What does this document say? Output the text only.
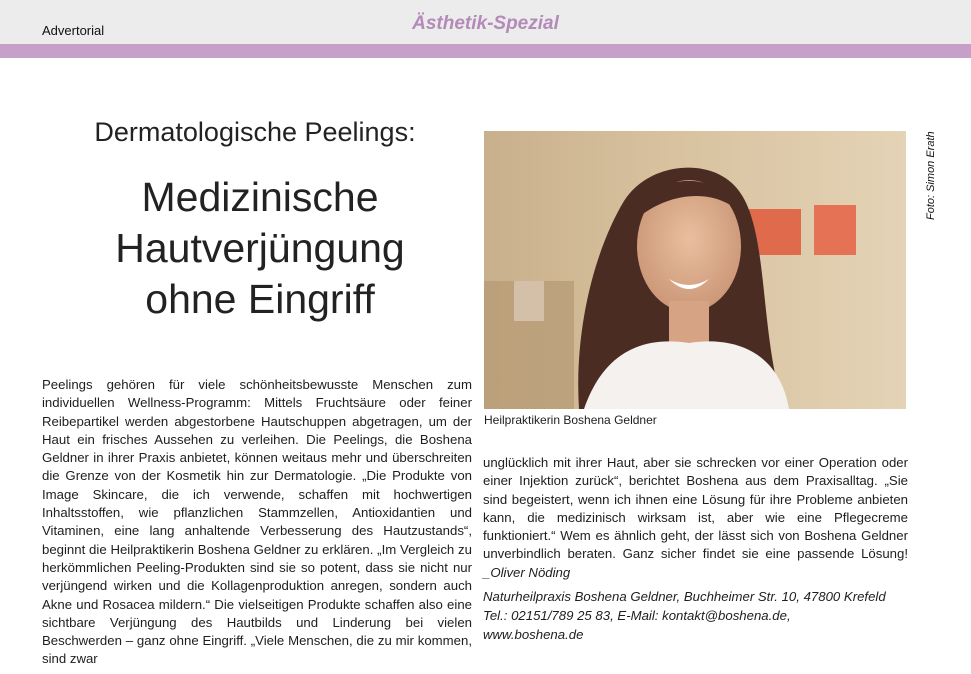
Advertorial	Ästhetik-Spezial
Dermatologische Peelings:
Medizinische
Hautverjüngung
ohne Eingriff
Peelings gehören für viele schönheitsbewusste Menschen zum individuellen Wellness-Programm: Mittels Fruchtsäure oder feiner Reibepartikel werden abgestorbene Hautschuppen abgetragen, um der Haut ein frisches Aussehen zu verleihen. Die Peelings, die Boshena Geldner in ihrer Praxis anbietet, können weitaus mehr und überschreiten die Grenze von der Kosmetik hin zur Dermatologie. „Die Produkte von Image Skincare, die ich verwende, schaffen mit hochwertigen Inhaltsstoffen, wie pflanzlichen Stammzellen, Antioxidantien und Vitaminen, eine lang anhaltende Verbesserung des Hautzustands“, beginnt die Heilpraktikerin Boshena Geldner zu erklären. „Im Vergleich zu herkömmlichen Peeling-Produkten sind sie so potent, dass sie nicht nur verjüngend wirken und die Kollagenproduktion anregen, sondern auch Akne und Rosacea mildern.“ Die vielseitigen Produkte schaffen also eine sichtbare Verjüngung des Hautbilds und Linderung bei vielen Beschwerden – ganz ohne Eingriff. „Viele Menschen, die zu mir kommen, sind zwar
Foto: Simon Erath
Heilpraktikerin Boshena Geldner
unglücklich mit ihrer Haut, aber sie schrecken vor einer Operation oder einer Injektion zurück“, berichtet Boshena aus dem Praxisalltag. „Sie sind begeistert, wenn ich ihnen eine Lösung für ihre Probleme anbieten kann, die medizinisch wirksam ist, aber wie eine Pflegecreme funktioniert.“ Wem es ähnlich geht, der lässt sich von Boshena Geldner unverbindlich beraten. Ganz sicher findet sie eine passende Lösung! _Oliver Nöding
Naturheilpraxis Boshena Geldner, Buchheimer Str. 10, 47800 Krefeld
Tel.: 02151/789 25 83, E-Mail: kontakt@boshena.de,
www.boshena.de
